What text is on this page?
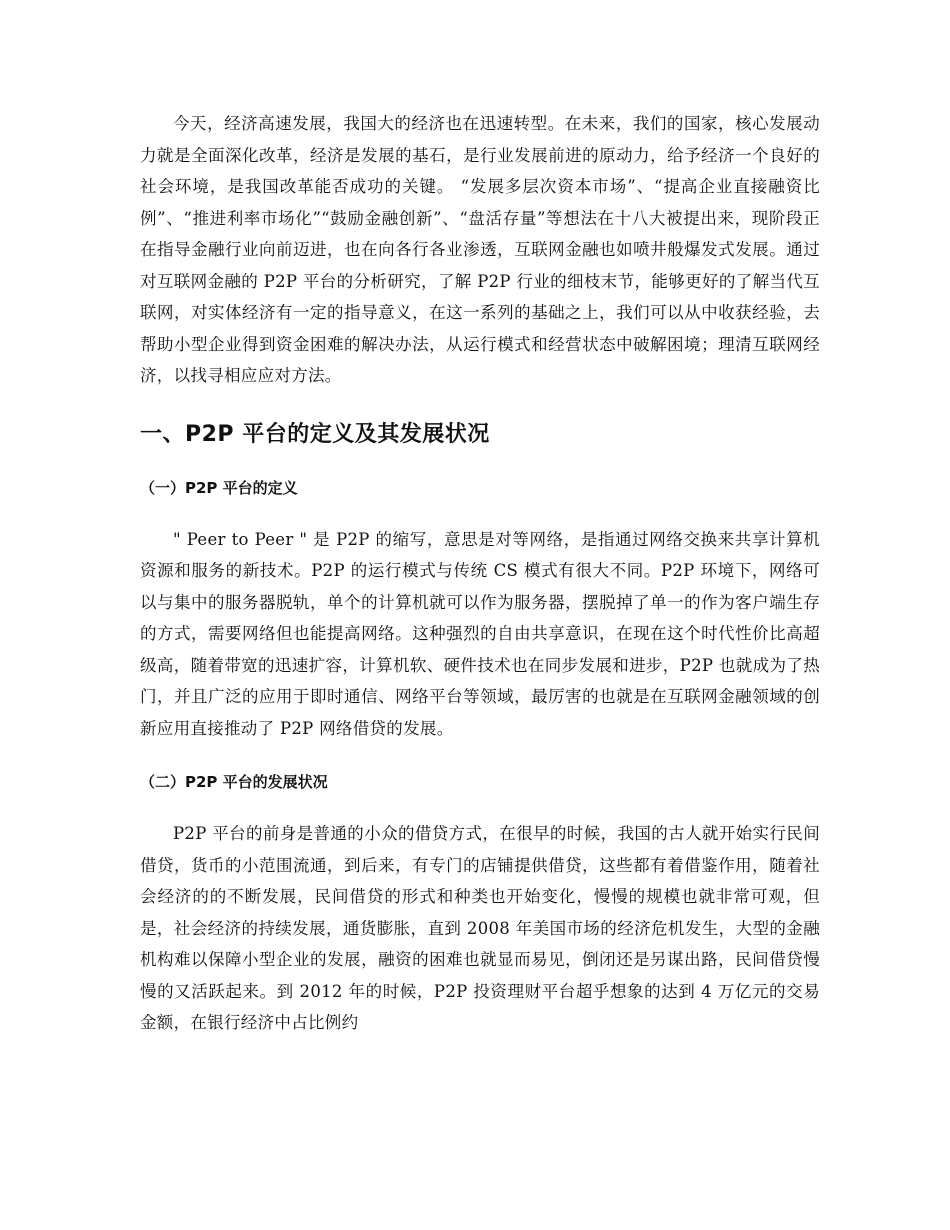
今天，经济高速发展，我国大的经济也在迅速转型。在未来，我们的国家，核心发展动力就是全面深化改革，经济是发展的基石，是行业发展前进的原动力，给予经济一个良好的社会环境，是我国改革能否成功的关键。 “发展多层次资本市场”、“提高企业直接融资比例”、“推进利率市场化”“鼓励金融创新”、“盘活存量”等想法在十八大被提出来，现阶段正在指导金融行业向前迈进，也在向各行各业渗透，互联网金融也如喷井般爆发式发展。通过对互联网金融的 P2P 平台的分析研究，了解 P2P 行业的细枝末节，能够更好的了解当代互联网，对实体经济有一定的指导意义，在这一系列的基础之上，我们可以从中收获经验，去帮助小型企业得到资金困难的解决办法，从运行模式和经营状态中破解困境；理清互联网经济，以找寻相应应对方法。

一、P2P 平台的定义及其发展状况
（一）P2P 平台的定义

" Peer to Peer " 是 P2P 的缩写，意思是对等网络，是指通过网络交换来共享计算机资源和服务的新技术。P2P 的运行模式与传统 CS 模式有很大不同。P2P 环境下，网络可以与集中的服务器脱轨，单个的计算机就可以作为服务器，摆脱掉了单一的作为客户端生存的方式，需要网络但也能提高网络。这种强烈的自由共享意识，在现在这个时代性价比高超级高，随着带宽的迅速扩容，计算机软、硬件技术也在同步发展和进步，P2P 也就成为了热门，并且广泛的应用于即时通信、网络平台等领域，最厉害的也就是在互联网金融领域的创新应用直接推动了 P2P 网络借贷的发展。

（二）P2P 平台的发展状况

P2P 平台的前身是普通的小众的借贷方式，在很早的时候，我国的古人就开始实行民间借贷，货币的小范围流通，到后来，有专门的店铺提供借贷，这些都有着借鉴作用，随着社会经济的的不断发展，民间借贷的形式和种类也开始变化，慢慢的规模也就非常可观，但是，社会经济的持续发展，通货膨胀，直到 2008 年美国市场的经济危机发生，大型的金融机构难以保障小型企业的发展，融资的困难也就显而易见，倒闭还是另谋出路，民间借贷慢慢的又活跃起来。到 2012 年的时候，P2P 投资理财平台超乎想象的达到 4 万亿元的交易金额，在银行经济中占比例约
